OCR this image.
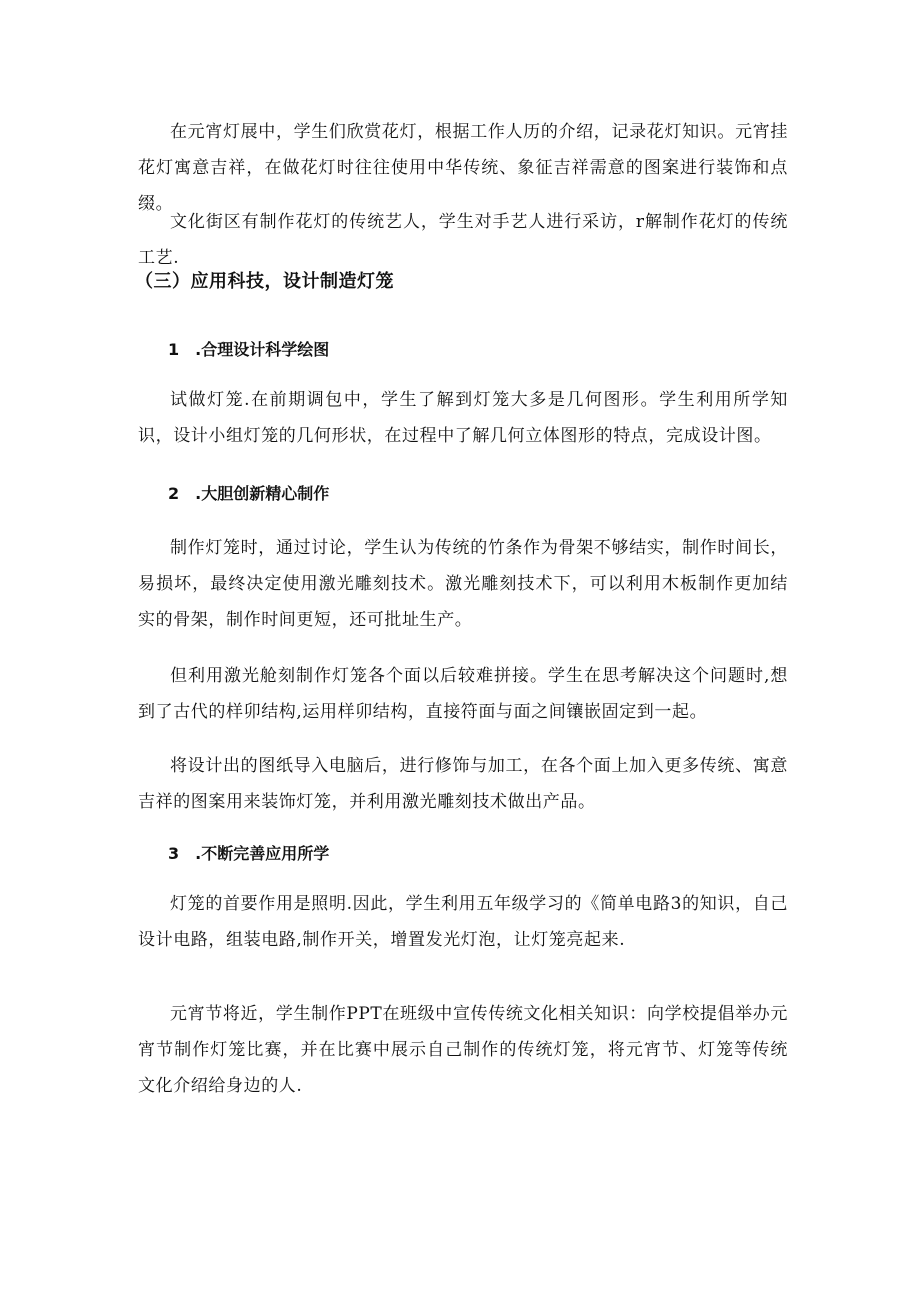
在元宵灯展中，学生们欣赏花灯，根据工作人历的介绍，记录花灯知识。元宵挂花灯寓意吉祥，在做花灯时往往使用中华传统、象征吉祥需意的图案进行装饰和点缀。

文化街区有制作花灯的传统艺人，学生对手艺人进行采访，r解制作花灯的传统工艺.

（三）应用科技，设计制造灯笼
1　.合理设计科学绘图

试做灯笼.在前期调包中，学生了解到灯笼大多是几何图形。学生利用所学知识，设计小组灯笼的几何形状，在过程中了解几何立体图形的特点，完成设计图。

2　.大胆创新精心制作

制作灯笼时，通过讨论，学生认为传统的竹条作为骨架不够结实，制作时间长，易损坏，最终决定使用激光雕刻技术。激光雕刻技术下，可以利用木板制作更加结实的骨架，制作时间更短，还可批址生产。

但利用激光舱刻制作灯笼各个面以后较难拼接。学生在思考解决这个问题时,想到了古代的样卯结构,运用样卯结构，直接符面与面之间镶嵌固定到一起。

将设计出的图纸导入电脑后，进行修饰与加工，在各个面上加入更多传统、寓意吉祥的图案用来装饰灯笼，并利用激光雕刻技术做出产品。

3　.不断完善应用所学

灯笼的首要作用是照明.因此，学生利用五年级学习的《简单电路3的知识，自己设计电路，组装电路,制作开关，增置发光灯泡，让灯笼亮起来.

元宵节将近，学生制作PPT在班级中宣传传统文化相关知识：向学校提倡举办元宵节制作灯笼比赛，并在比赛中展示自己制作的传统灯笼，将元宵节、灯笼等传统文化介绍给身边的人.
